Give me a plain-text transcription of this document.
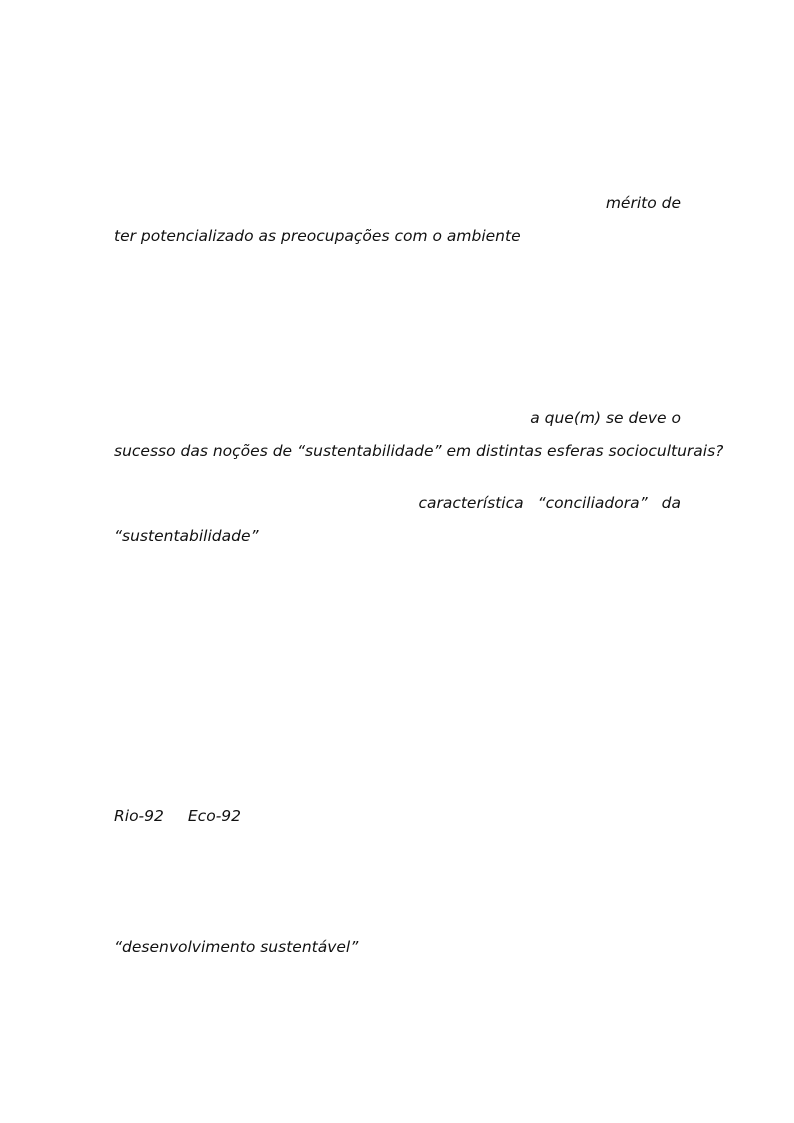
mérito de
ter potencializado as preocupações com o ambiente
a que(m) se deve o
sucesso das noções de “sustentabilidade” em distintas esferas socioculturais?
característica “conciliadora” da
“sustentabilidade”
Rio-92 Eco-92
“desenvolvimento sustentável”
